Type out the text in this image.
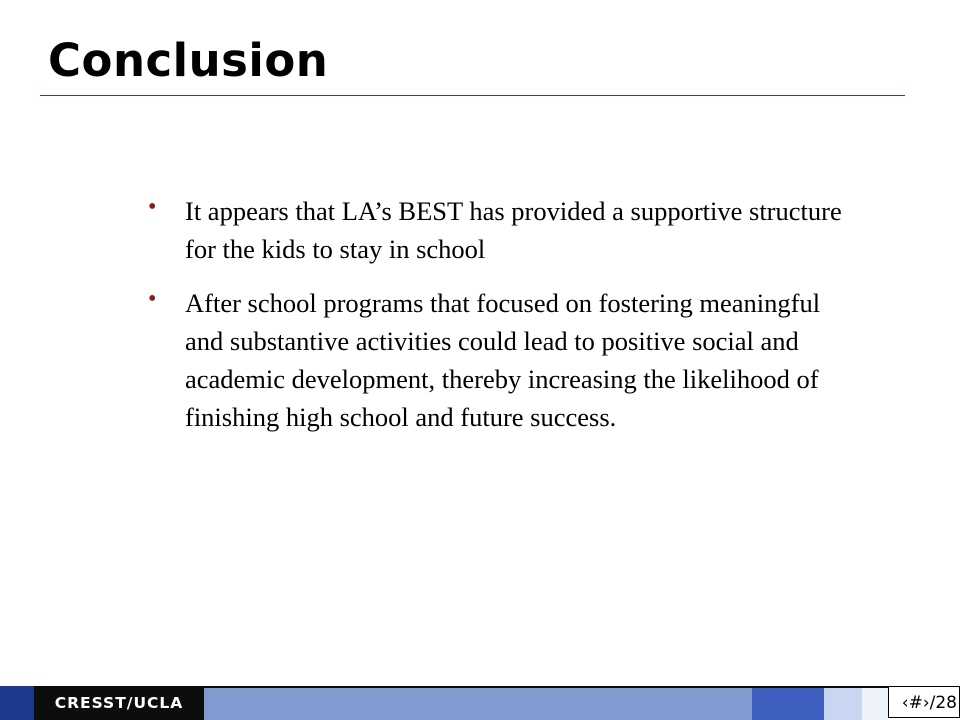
Conclusion
•	It appears that LA’s BEST has provided a supportive structure for the kids to stay in school
•	After school programs that focused on fostering meaningful and substantive activities could lead to positive social and academic development, thereby increasing the likelihood of finishing high school and future success.
CRESST/UCLA	‹#›/28
